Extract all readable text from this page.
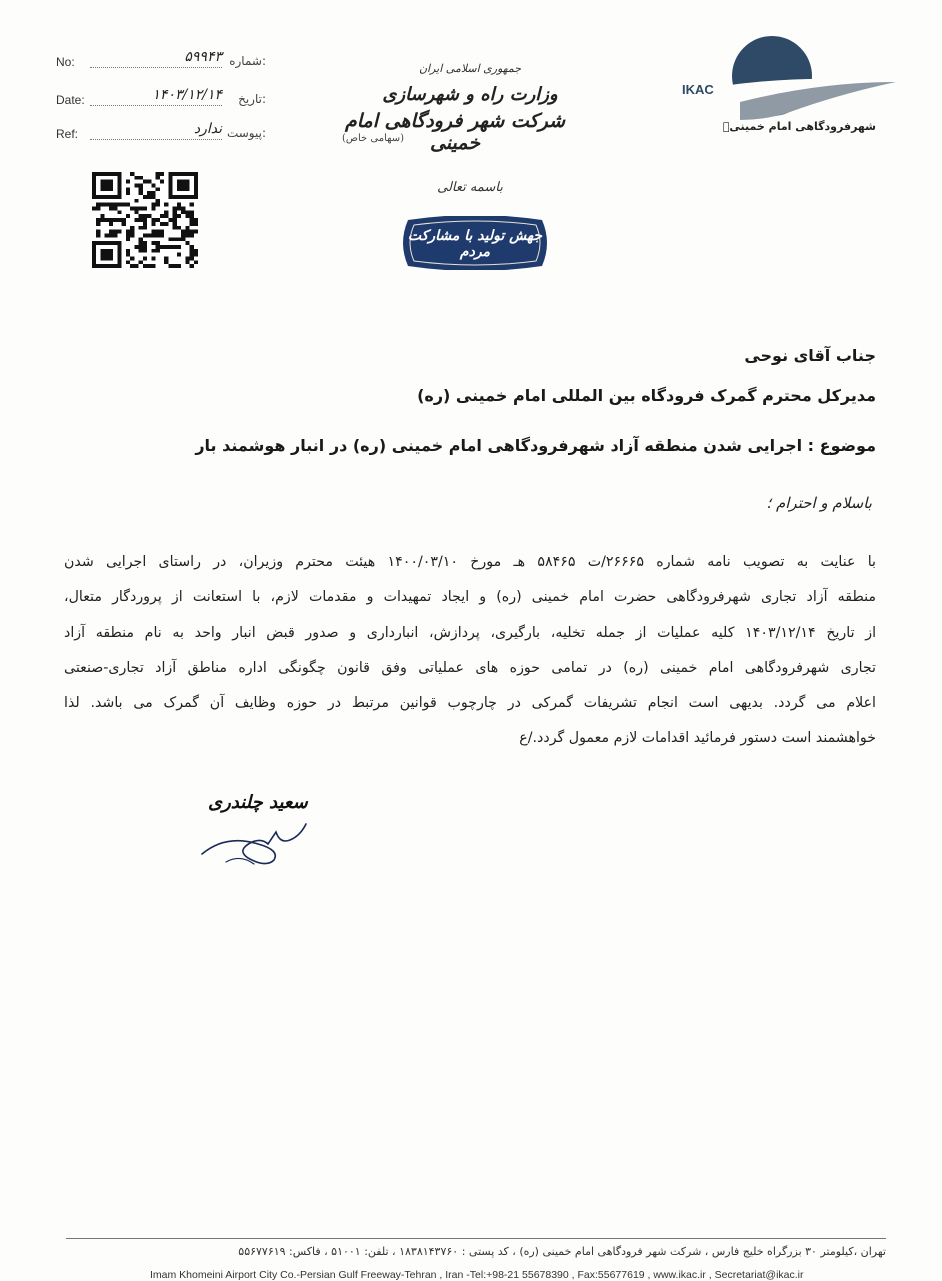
No:	۵۹۹۴۳ :شماره
Date:	۱۴۰۳/۱۲/۱۴ :تاریخ
Ref:	ندارد :پیوست
جمهوری اسلامی ایران
وزارت راه و شهرسازی
شرکت شهر فرودگاهی امام خمینی
(سهامی خاص)
باسمه تعالی
جهش تولید با مشارکت مردم
IKAC
شهرفرودگاهی امام خمینیؒ
جناب آقای نوحی
مدیرکل محترم گمرک فرودگاه بین المللی امام خمینی (ره)
موضوع : اجرایی شدن منطقه آزاد شهرفرودگاهی امام خمینی (ره) در انبار هوشمند بار
باسلام و احترام ؛
با عنایت به تصویب نامه شماره ۲۶۶۶۵/ت ۵۸۴۶۵ هـ مورخ ۱۴۰۰/۰۳/۱۰ هیئت محترم وزیران، در راستای اجرایی شدن
منطقه آزاد تجاری شهرفرودگاهی حضرت امام خمینی (ره) و ایجاد تمهیدات و مقدمات لازم، با استعانت از پروردگار متعال،
از تاریخ ۱۴۰۳/۱۲/۱۴ کلیه عملیات از جمله تخلیه، بارگیری، پردازش، انبارداری و صدور قبض انبار واحد به نام منطقه آزاد
تجاری شهرفرودگاهی امام خمینی (ره) در تمامی حوزه های عملیاتی وفق قانون چگونگی اداره مناطق آزاد تجاری-صنعتی
اعلام می گردد. بدیهی است انجام تشریفات گمرکی در چارچوب قوانین مرتبط در حوزه وظایف آن گمرک می باشد. لذا
خواهشمند است دستور فرمائید اقدامات لازم معمول گردد./ع
سعید چلندری
تهران ،کیلومتر ۳۰ بزرگراه خلیج فارس ، شرکت شهر فرودگاهی امام خمینی (ره) ، کد پستی : ۱۸۳۸۱۴۳۷۶۰ ، تلفن: ۵۱۰۰۱ ، فاکس: ۵۵۶۷۷۶۱۹
Imam Khomeini Airport City Co.-Persian Gulf Freeway-Tehran , Iran -Tel:+98-21 55678390 , Fax:55677619 , www.ikac.ir , Secretariat@ikac.ir
